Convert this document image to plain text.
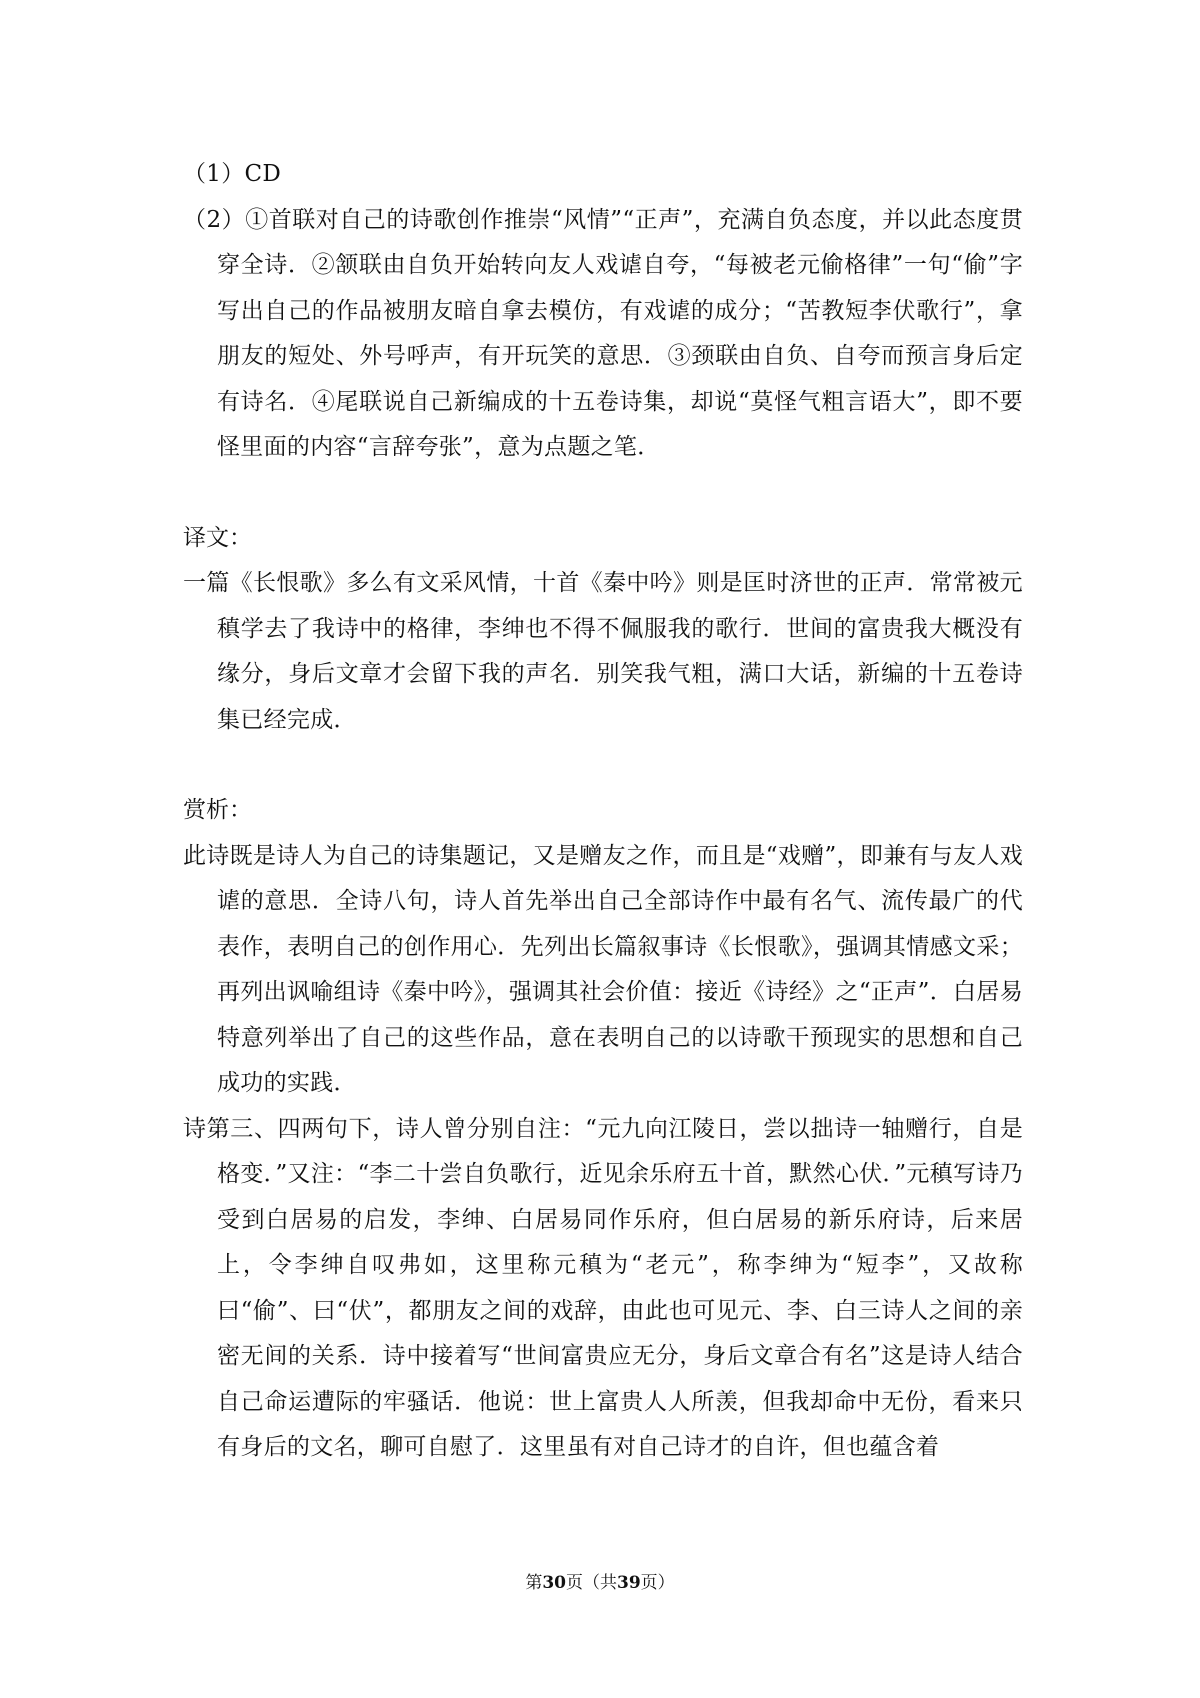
（1）CD

（2）①首联对自己的诗歌创作推崇“风情”“正声”，充满自负态度，并以此态度贯穿全诗．②颔联由自负开始转向友人戏谑自夸，“每被老元偷格律”一句“偷”字写出自己的作品被朋友暗自拿去模仿，有戏谑的成分；“苦教短李伏歌行”，拿朋友的短处、外号呼声，有开玩笑的意思．③颈联由自负、自夸而预言身后定有诗名．④尾联说自己新编成的十五卷诗集，却说“莫怪气粗言语大”，即不要怪里面的内容“言辞夸张”，意为点题之笔．

译文：

一篇《长恨歌》多么有文采风情，十首《秦中吟》则是匡时济世的正声．常常被元稹学去了我诗中的格律，李绅也不得不佩服我的歌行．世间的富贵我大概没有缘分，身后文章才会留下我的声名．别笑我气粗，满口大话，新编的十五卷诗集已经完成．

赏析：

此诗既是诗人为自己的诗集题记，又是赠友之作，而且是“戏赠”，即兼有与友人戏谑的意思．全诗八句，诗人首先举出自己全部诗作中最有名气、流传最广的代表作，表明自己的创作用心．先列出长篇叙事诗《长恨歌》，强调其情感文采；再列出讽喻组诗《秦中吟》，强调其社会价值：接近《诗经》之“正声”．白居易特意列举出了自己的这些作品，意在表明自己的以诗歌干预现实的思想和自己成功的实践．

诗第三、四两句下，诗人曾分别自注：“元九向江陵日，尝以拙诗一轴赠行，自是格变．”又注：“李二十尝自负歌行，近见余乐府五十首，默然心伏．”元稹写诗乃受到白居易的启发，李绅、白居易同作乐府，但白居易的新乐府诗，后来居上，令李绅自叹弗如，这里称元稹为“老元”，称李绅为“短李”，又故称曰“偷”、曰“伏”，都朋友之间的戏辞，由此也可见元、李、白三诗人之间的亲密无间的关系．诗中接着写“世间富贵应无分，身后文章合有名”这是诗人结合自己命运遭际的牢骚话．他说：世上富贵人人所羡，但我却命中无份，看来只有身后的文名，聊可自慰了．这里虽有对自己诗才的自许，但也蕴含着

第30页（共39页）
